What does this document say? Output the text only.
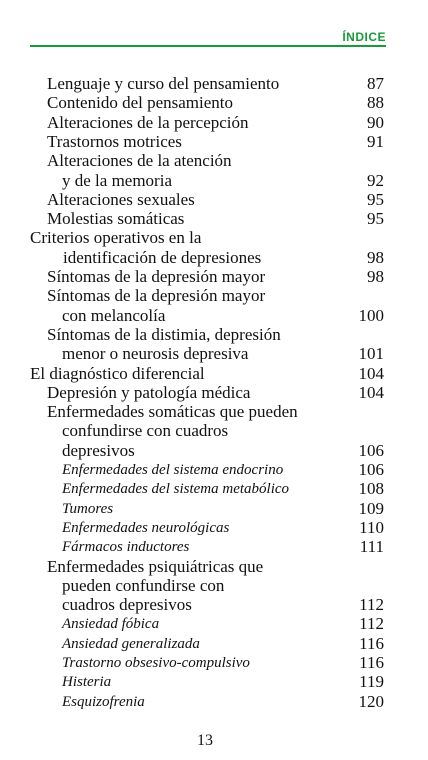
ÍNDICE
Lenguaje y curso del pensamiento	87
Contenido del pensamiento	88
Alteraciones de la percepción	90
Trastornos motrices	91
Alteraciones de la atención
y de la memoria	92
Alteraciones sexuales	95
Molestias somáticas	95
Criterios operativos en la
identificación de depresiones	98
Síntomas de la depresión mayor	98
Síntomas de la depresión mayor
con melancolía	100
Síntomas de la distimia, depresión
menor o neurosis depresiva	101
El diagnóstico diferencial	104
Depresión y patología médica	104
Enfermedades somáticas que pueden
confundirse con cuadros
depresivos	106
Enfermedades del sistema endocrino	106
Enfermedades del sistema metabólico	108
Tumores	109
Enfermedades neurológicas	110
Fármacos inductores	111
Enfermedades psiquiátricas que
pueden confundirse con
cuadros depresivos	112
Ansiedad fóbica	112
Ansiedad generalizada	116
Trastorno obsesivo-compulsivo	116
Histeria	119
Esquizofrenia	120
13
